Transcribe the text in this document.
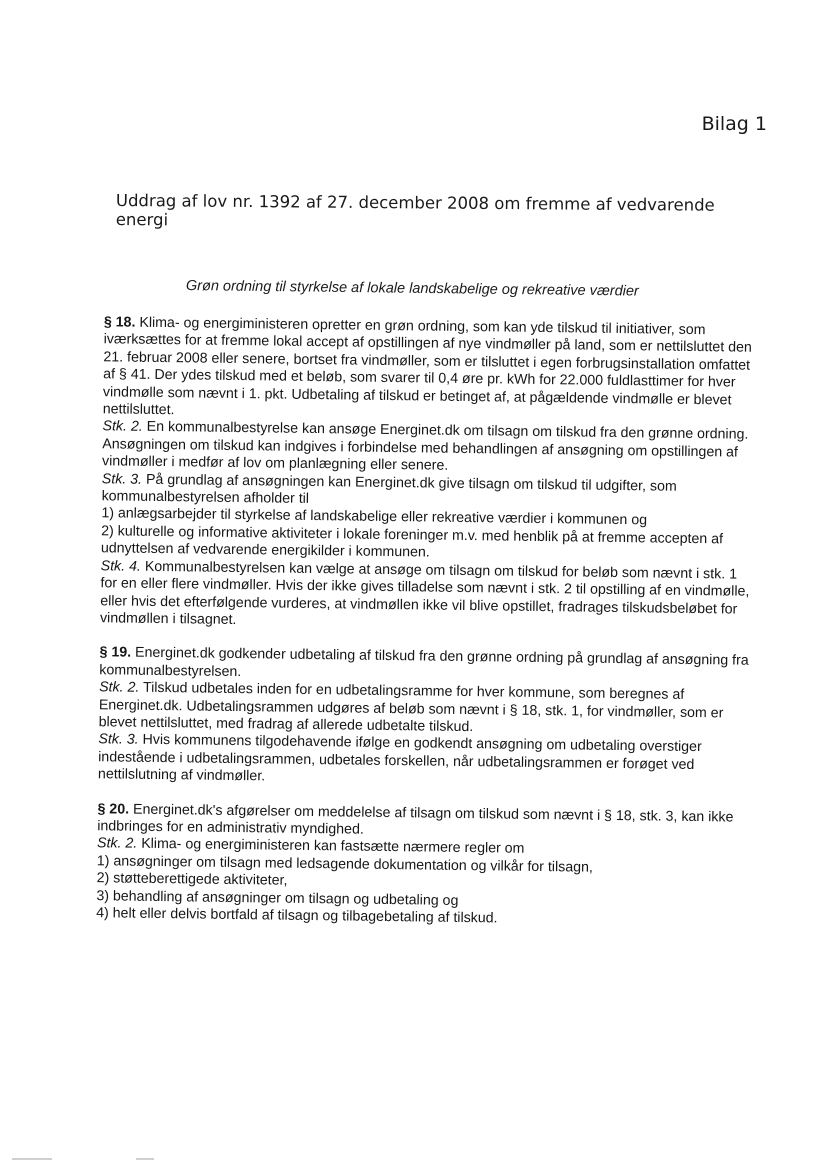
Bilag 1
Uddrag af lov nr. 1392 af 27. december 2008 om fremme af vedvarende energi
Grøn ordning til styrkelse af lokale landskabelige og rekreative værdier

§ 18. Klima- og energiministeren opretter en grøn ordning, som kan yde tilskud til initiativer, som iværksættes for at fremme lokal accept af opstillingen af nye vindmøller på land, som er nettilsluttet den 21. februar 2008 eller senere, bortset fra vindmøller, som er tilsluttet i egen forbrugsinstallation omfattet af § 41. Der ydes tilskud med et beløb, som svarer til 0,4 øre pr. kWh for 22.000 fuldlasttimer for hver vindmølle som nævnt i 1. pkt. Udbetaling af tilskud er betinget af, at pågældende vindmølle er blevet nettilsluttet.

Stk. 2. En kommunalbestyrelse kan ansøge Energinet.dk om tilsagn om tilskud fra den grønne ordning. Ansøgningen om tilskud kan indgives i forbindelse med behandlingen af ansøgning om opstillingen af vindmøller i medfør af lov om planlægning eller senere.

Stk. 3. På grundlag af ansøgningen kan Energinet.dk give tilsagn om tilskud til udgifter, som kommunalbestyrelsen afholder til

1) anlægsarbejder til styrkelse af landskabelige eller rekreative værdier i kommunen og
2) kulturelle og informative aktiviteter i lokale foreninger m.v. med henblik på at fremme accepten af udnyttelsen af vedvarende energikilder i kommunen.

Stk. 4. Kommunalbestyrelsen kan vælge at ansøge om tilsagn om tilskud for beløb som nævnt i stk. 1 for en eller flere vindmøller. Hvis der ikke gives tilladelse som nævnt i stk. 2 til opstilling af en vindmølle, eller hvis det efterfølgende vurderes, at vindmøllen ikke vil blive opstillet, fradrages tilskudsbeløbet for vindmøllen i tilsagnet.

§ 19. Energinet.dk godkender udbetaling af tilskud fra den grønne ordning på grundlag af ansøgning fra kommunalbestyrelsen.

Stk. 2. Tilskud udbetales inden for en udbetalingsramme for hver kommune, som beregnes af Energinet.dk. Udbetalingsrammen udgøres af beløb som nævnt i § 18, stk. 1, for vindmøller, som er blevet nettilsluttet, med fradrag af allerede udbetalte tilskud.

Stk. 3. Hvis kommunens tilgodehavende ifølge en godkendt ansøgning om udbetaling overstiger indestående i udbetalingsrammen, udbetales forskellen, når udbetalingsrammen er forøget ved nettilslutning af vindmøller.

§ 20. Energinet.dk's afgørelser om meddelelse af tilsagn om tilskud som nævnt i § 18, stk. 3, kan ikke indbringes for en administrativ myndighed.

Stk. 2. Klima- og energiministeren kan fastsætte nærmere regler om

1) ansøgninger om tilsagn med ledsagende dokumentation og vilkår for tilsagn,
2) støtteberettigede aktiviteter,
3) behandling af ansøgninger om tilsagn og udbetaling og
4) helt eller delvis bortfald af tilsagn og tilbagebetaling af tilskud.
